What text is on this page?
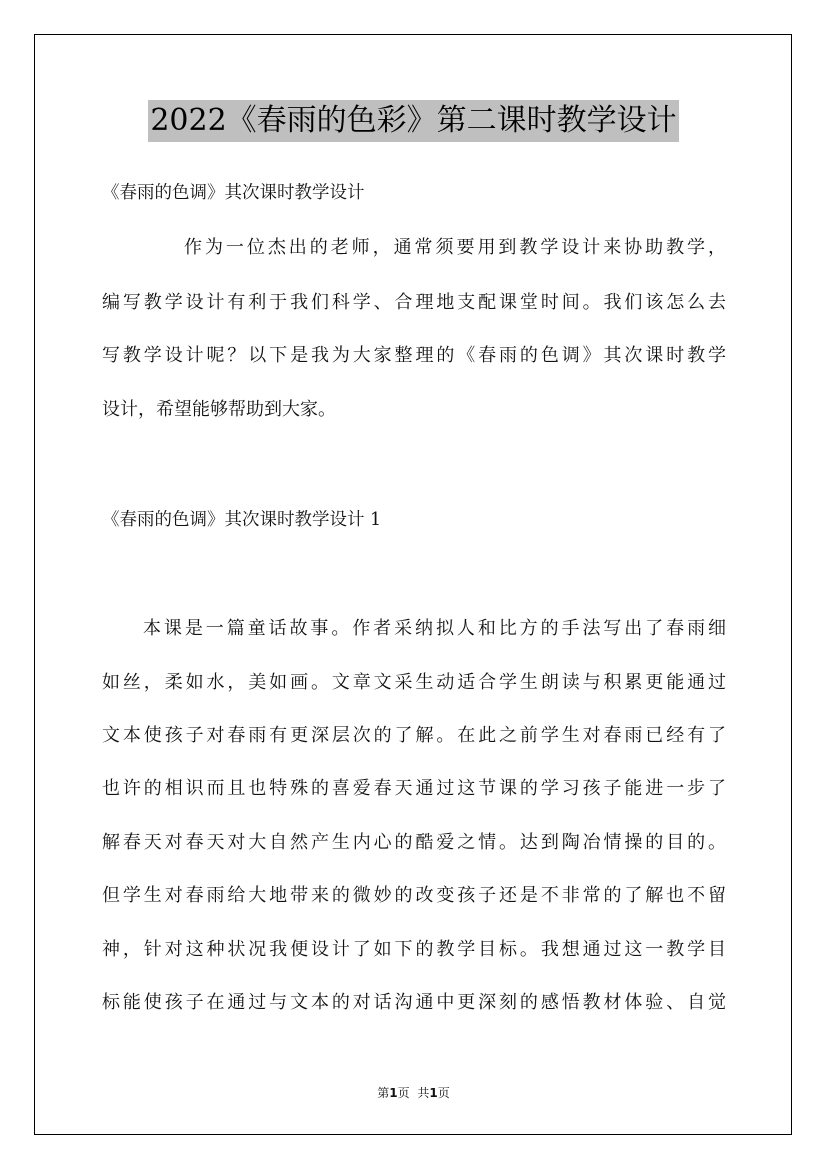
2022《春雨的色彩》第二课时教学设计

《春雨的色调》其次课时教学设计

作为一位杰出的老师，通常须要用到教学设计来协助教学，

编写教学设计有利于我们科学、合理地支配课堂时间。我们该怎么去

写教学设计呢？以下是我为大家整理的《春雨的色调》其次课时教学

设计，希望能够帮助到大家。

《春雨的色调》其次课时教学设计 1

本课是一篇童话故事。作者采纳拟人和比方的手法写出了春雨细

如丝，柔如水，美如画。文章文采生动适合学生朗读与积累更能通过

文本使孩子对春雨有更深层次的了解。在此之前学生对春雨已经有了

也许的相识而且也特殊的喜爱春天通过这节课的学习孩子能进一步了

解春天对春天对大自然产生内心的酷爱之情。达到陶冶情操的目的。

但学生对春雨给大地带来的微妙的改变孩子还是不非常的了解也不留

神，针对这种状况我便设计了如下的教学目标。我想通过这一教学目

标能使孩子在通过与文本的对话沟通中更深刻的感悟教材体验、自觉

第1页 共1页
